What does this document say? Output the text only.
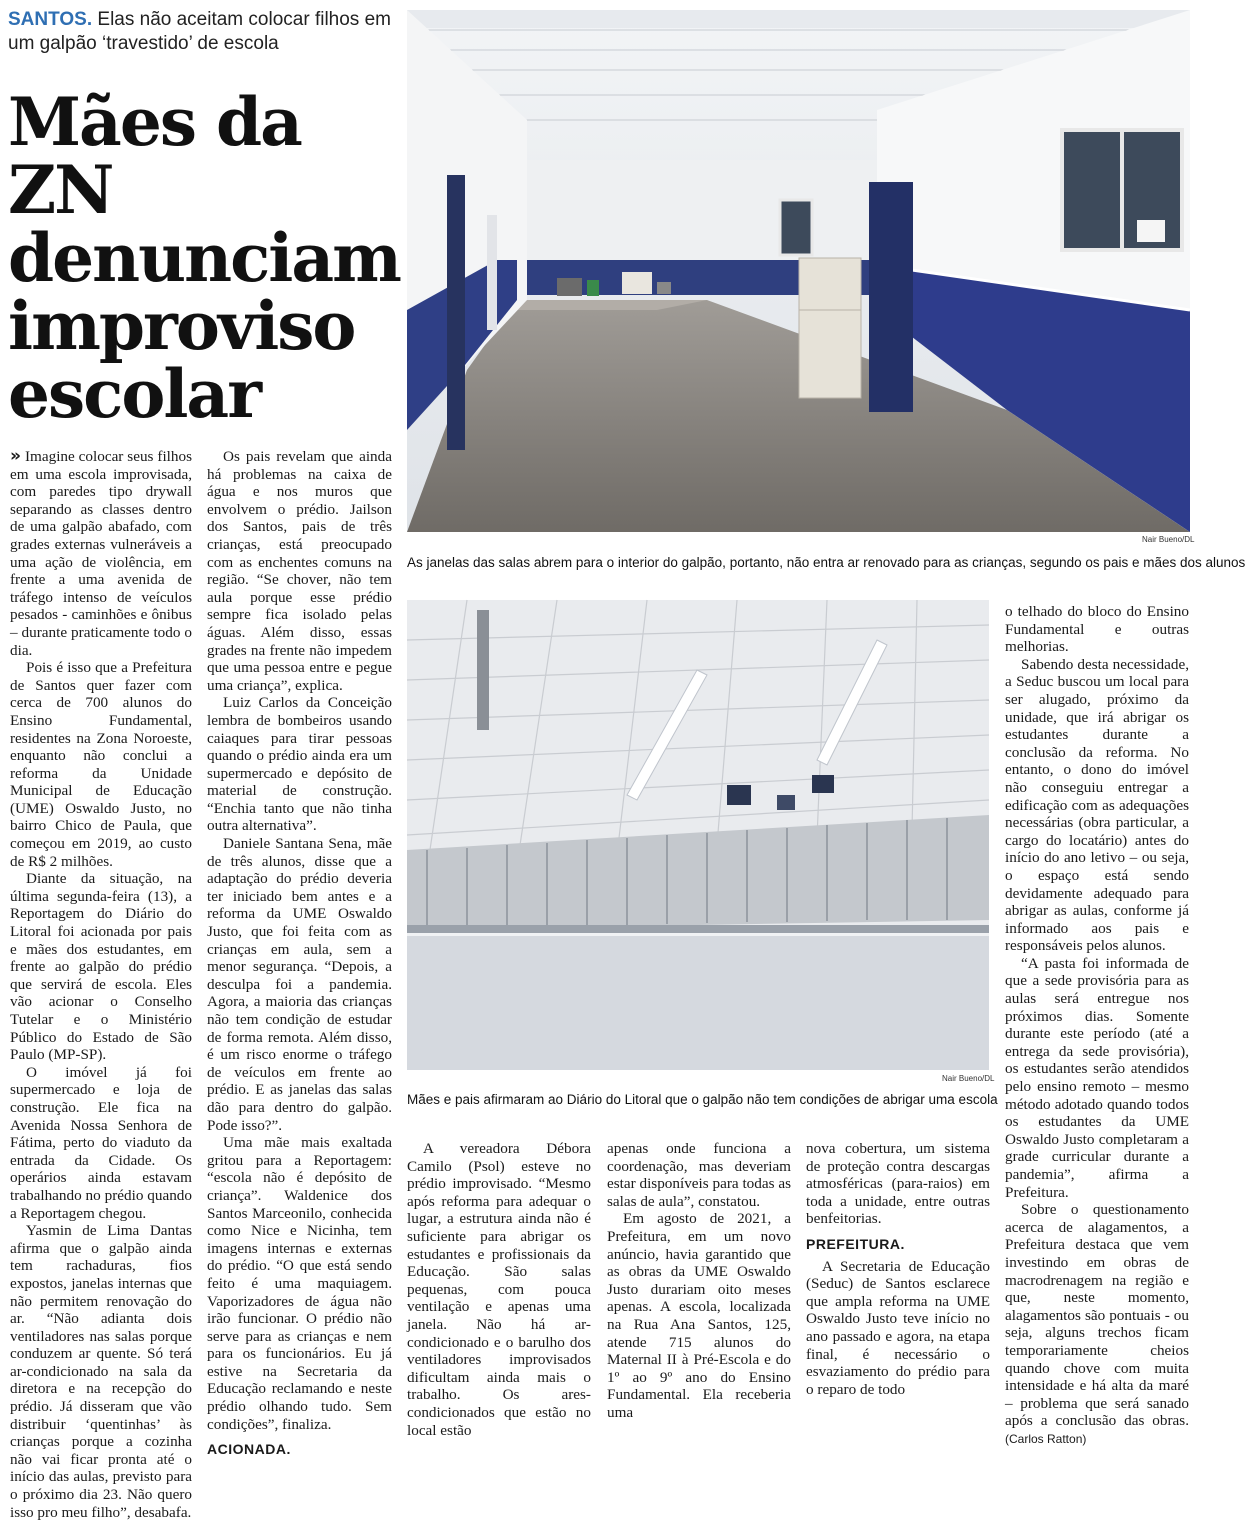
SANTOS. Elas não aceitam colocar filhos em um galpão ‘travestido’ de escola
Mães da ZN denunciam improviso escolar
Nair Bueno/DL
As janelas das salas abrem para o interior do galpão, portanto, não entra ar renovado para as crianças, segundo os pais e mães dos alunos
Nair Bueno/DL
Mães e pais afirmaram ao Diário do Litoral que o galpão não tem condições de abrigar uma escola

» Imagine colocar seus filhos em uma escola improvisada, com paredes tipo drywall separando as classes dentro de uma galpão abafado, com grades externas vulneráveis a uma ação de violência, em frente a uma avenida de tráfego intenso de veículos pesados - caminhões e ônibus – durante praticamente todo o dia.

Pois é isso que a Prefeitura de Santos quer fazer com cerca de 700 alunos do Ensino Fundamental, residentes na Zona Noroeste, enquanto não conclui a reforma da Unidade Municipal de Educação (UME) Oswaldo Justo, no bairro Chico de Paula, que começou em 2019, ao custo de R$ 2 milhões.

Diante da situação, na última segunda-feira (13), a Reportagem do Diário do Litoral foi acionada por pais e mães dos estudantes, em frente ao galpão do prédio que servirá de escola. Eles vão acionar o Conselho Tutelar e o Ministério Público do Estado de São Paulo (MP-SP).

O imóvel já foi supermercado e loja de construção. Ele fica na Avenida Nossa Senhora de Fátima, perto do viaduto da entrada da Cidade. Os operários ainda estavam trabalhando no prédio quando a Reportagem chegou.

Yasmin de Lima Dantas afirma que o galpão ainda tem rachaduras, fios expostos, janelas internas que não permitem renovação do ar. “Não adianta dois ventiladores nas salas porque conduzem ar quente. Só terá ar-condicionado na sala da diretora e na recepção do prédio. Já disseram que vão distribuir ‘quentinhas’ às crianças porque a cozinha não vai ficar pronta até o início das aulas, previsto para o próximo dia 23. Não quero isso pro meu filho”, desabafa.

Os pais revelam que ainda há problemas na caixa de água e nos muros que envolvem o prédio. Jailson dos Santos, pais de três crianças, está preocupado com as enchentes comuns na região. “Se chover, não tem aula porque esse prédio sempre fica isolado pelas águas. Além disso, essas grades na frente não impedem que uma pessoa entre e pegue uma criança”, explica.

Luiz Carlos da Conceição lembra de bombeiros usando caiaques para tirar pessoas quando o prédio ainda era um supermercado e depósito de material de construção. “Enchia tanto que não tinha outra alternativa”.

Daniele Santana Sena, mãe de três alunos, disse que a adaptação do prédio deveria ter iniciado bem antes e a reforma da UME Oswaldo Justo, que foi feita com as crianças em aula, sem a menor segurança. “Depois, a desculpa foi a pandemia. Agora, a maioria das crianças não tem condição de estudar de forma remota. Além disso, é um risco enorme o tráfego de veículos em frente ao prédio. E as janelas das salas dão para dentro do galpão. Pode isso?”.

Uma mãe mais exaltada gritou para a Reportagem: “escola não é depósito de criança”. Waldenice dos Santos Marceonilo, conhecida como Nice e Nicinha, tem imagens internas e externas do prédio. “O que está sendo feito é uma maquiagem. Vaporizadores de água não irão funcionar. O prédio não serve para as crianças e nem para os funcionários. Eu já estive na Secretaria da Educação reclamando e neste prédio olhando tudo. Sem condições”, finaliza.

ACIONADA.

A vereadora Débora Camilo (Psol) esteve no prédio improvisado. “Mesmo após reforma para adequar o lugar, a estrutura ainda não é suficiente para abrigar os estudantes e profissionais da Educação. São salas pequenas, com pouca ventilação e apenas uma janela. Não há ar-condicionado e o barulho dos ventiladores improvisados dificultam ainda mais o trabalho. Os ares-condicionados que estão no local estão

apenas onde funciona a coordenação, mas deveriam estar disponíveis para todas as salas de aula”, constatou.

Em agosto de 2021, a Prefeitura, em um novo anúncio, havia garantido que as obras da UME Oswaldo Justo durariam oito meses apenas. A escola, localizada na Rua Ana Santos, 125, atende 715 alunos do Maternal II à Pré-Escola e do 1º ao 9º ano do Ensino Fundamental. Ela receberia uma

nova cobertura, um sistema de proteção contra descargas atmosféricas (para-raios) em toda a unidade, entre outras benfeitorias.

PREFEITURA.

A Secretaria de Educação (Seduc) de Santos esclarece que ampla reforma na UME Oswaldo Justo teve início no ano passado e agora, na etapa final, é necessário o esvaziamento do prédio para o reparo de todo

o telhado do bloco do Ensino Fundamental e outras melhorias.

Sabendo desta necessidade, a Seduc buscou um local para ser alugado, próximo da unidade, que irá abrigar os estudantes durante a conclusão da reforma. No entanto, o dono do imóvel não conseguiu entregar a edificação com as adequações necessárias (obra particular, a cargo do locatário) antes do início do ano letivo – ou seja, o espaço está sendo devidamente adequado para abrigar as aulas, conforme já informado aos pais e responsáveis pelos alunos.

“A pasta foi informada de que a sede provisória para as aulas será entregue nos próximos dias. Somente durante este período (até a entrega da sede provisória), os estudantes serão atendidos pelo ensino remoto – mesmo método adotado quando todos os estudantes da UME Oswaldo Justo completaram a grade curricular durante a pandemia”, afirma a Prefeitura.

Sobre o questionamento acerca de alagamentos, a Prefeitura destaca que vem investindo em obras de macrodrenagem na região e que, neste momento, alagamentos são pontuais - ou seja, alguns trechos ficam temporariamente cheios quando chove com muita intensidade e há alta da maré – problema que será sanado após a conclusão das obras. (Carlos Ratton)
